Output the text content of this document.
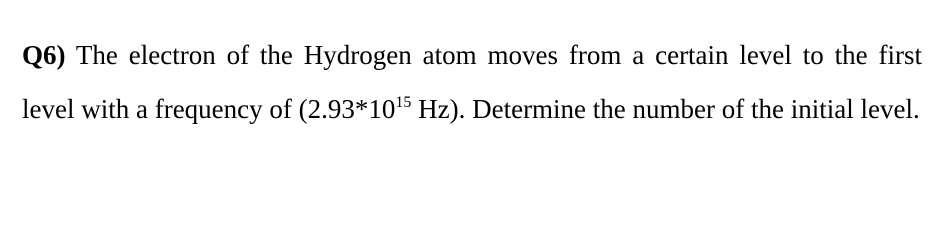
Q6) The electron of the Hydrogen atom moves from a certain level to the first level with a frequency of ($2.93*10^{15}$ Hz). Determine the number of the initial level.
